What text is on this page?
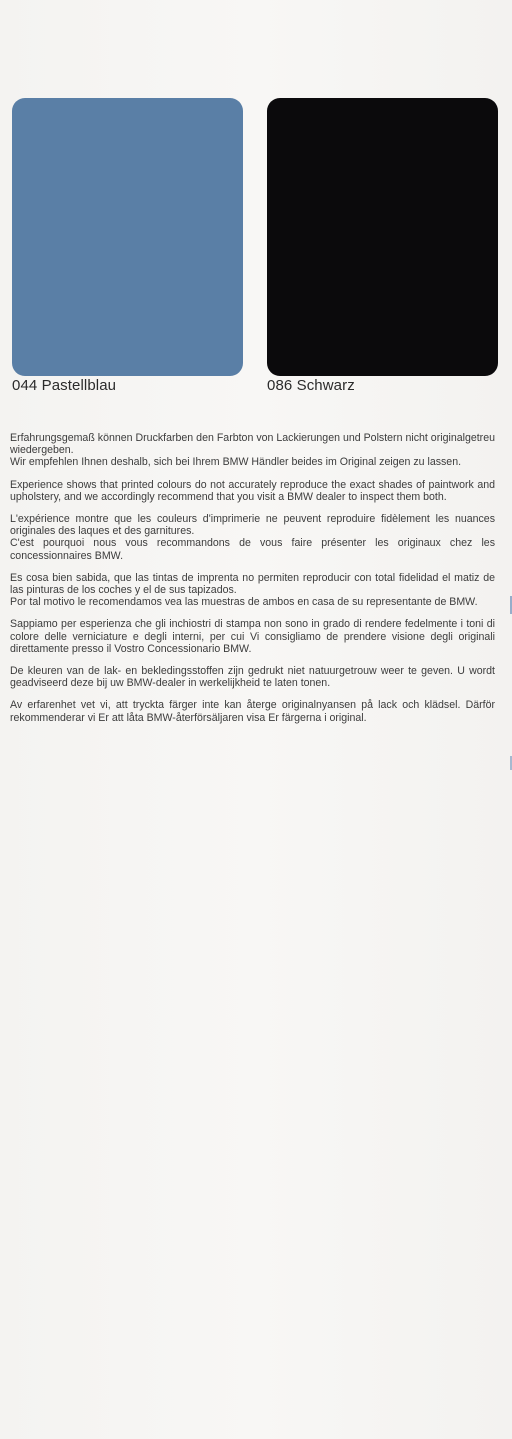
044 Pastellblau	086 Schwarz

Erfahrungsgemaß können Druckfarben den Farbton von Lackierungen und Polstern nicht originalgetreu wiedergeben.
Wir empfehlen Ihnen deshalb, sich bei Ihrem BMW Händler beides im Original zeigen zu lassen.

Experience shows that printed colours do not accurately reproduce the exact shades of paintwork and upholstery, and we accordingly recommend that you visit a BMW dealer to inspect them both.

L'expérience montre que les couleurs d'imprimerie ne peuvent reproduire fidèlement les nuances originales des laques et des garnitures.
C'est pourquoi nous vous recommandons de vous faire présenter les originaux chez les concessionnaires BMW.

Es cosa bien sabida, que las tintas de imprenta no permiten reproducir con total fidelidad el matiz de las pinturas de los coches y el de sus tapizados.
Por tal motivo le recomendamos vea las muestras de ambos en casa de su representante de BMW.

Sappiamo per esperienza che gli inchiostri di stampa non sono in grado di rendere fedelmente i toni di colore delle verniciature e degli interni, per cui Vi consigliamo de prendere visione degli originali direttamente presso il Vostro Concessionario BMW.

De kleuren van de lak- en bekledingsstoffen zijn gedrukt niet natuurgetrouw weer te geven. U wordt geadviseerd deze bij uw BMW-dealer in werkelijkheid te laten tonen.

Av erfarenhet vet vi, att tryckta färger inte kan återge originalnyansen på lack och klädsel. Därför rekommenderar vi Er att låta BMW-återförsäljaren visa Er färgerna i original.
